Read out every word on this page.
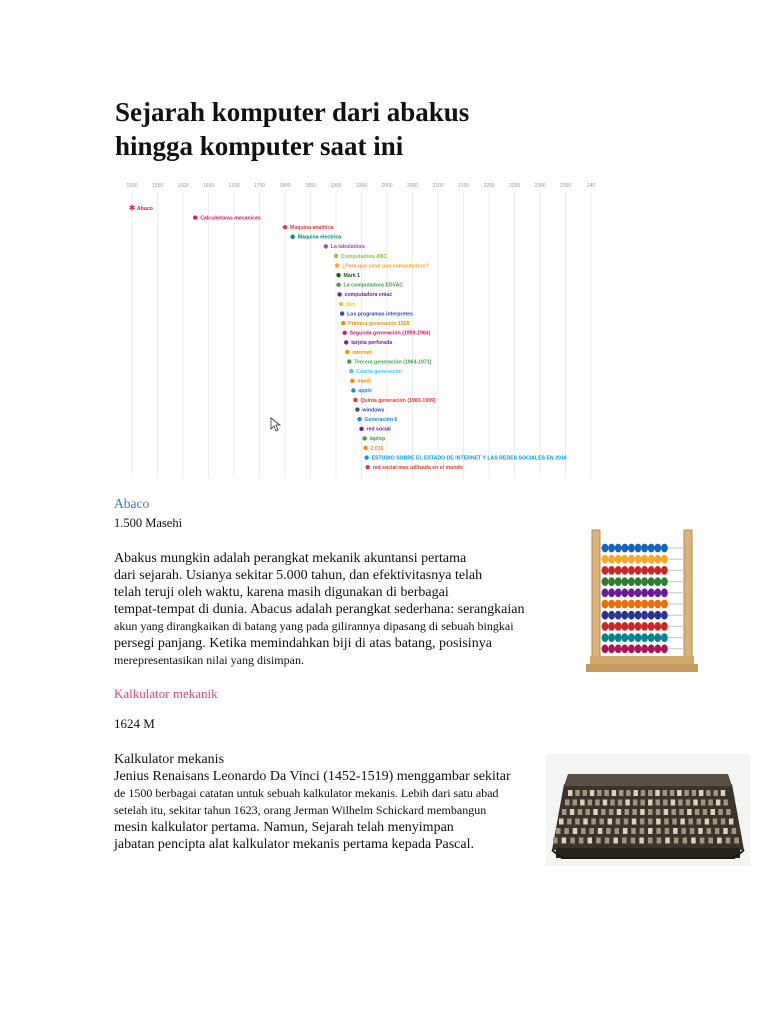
Sejarah komputer dari abakus
hingga komputer saat ini
1500	1550	1600	1650	1700	1750	1800	1850	1900	1950	2000	2050	2100	2150	2200	2250	2300	2350	240
✱ Abaco
Calculadoras mecanicas
Maquina analitica
Maquina electrica
La tabuladora
Computadora ABC
¿Para que sirve una computadora?
Mark 1
La computadora EDVAC
computadora eniac
Ibm
Los programas interpretes
Primera generación 1958
Segunda generación (1959-1964)
tarjeta perforada
internet
Tercera generación (1964-1971)
Cuarta generación
moviI
apple
Quinta generación (1983-1999)
windows
Generación 6
red social
laptop
2.016
ESTUDIO SOBRE EL ESTADO DE INTERNET Y LAS REDES SOCIALES EN 2016
red social mas utilizada en el mundo
Abaco

1.500 Masehi

Abakus mungkin adalah perangkat mekanik akuntansi pertama
dari sejarah. Usianya sekitar 5.000 tahun, dan efektivitasnya telah
telah teruji oleh waktu, karena masih digunakan di berbagai
tempat-tempat di dunia. Abacus adalah perangkat sederhana: serangkaian
akun yang dirangkaikan di batang yang pada gilirannya dipasang di sebuah bingkai
persegi panjang. Ketika memindahkan biji di atas batang, posisinya
merepresentasikan nilai yang disimpan.

Kalkulator mekanik

1624 M

Kalkulator mekanis
Jenius Renaisans Leonardo Da Vinci (1452-1519) menggambar sekitar
de 1500 berbagai catatan untuk sebuah kalkulator mekanis. Lebih dari satu abad
setelah itu, sekitar tahun 1623, orang Jerman Wilhelm Schickard membangun
mesin kalkulator pertama. Namun, Sejarah telah menyimpan
jabatan pencipta alat kalkulator mekanis pertama kepada Pascal.
